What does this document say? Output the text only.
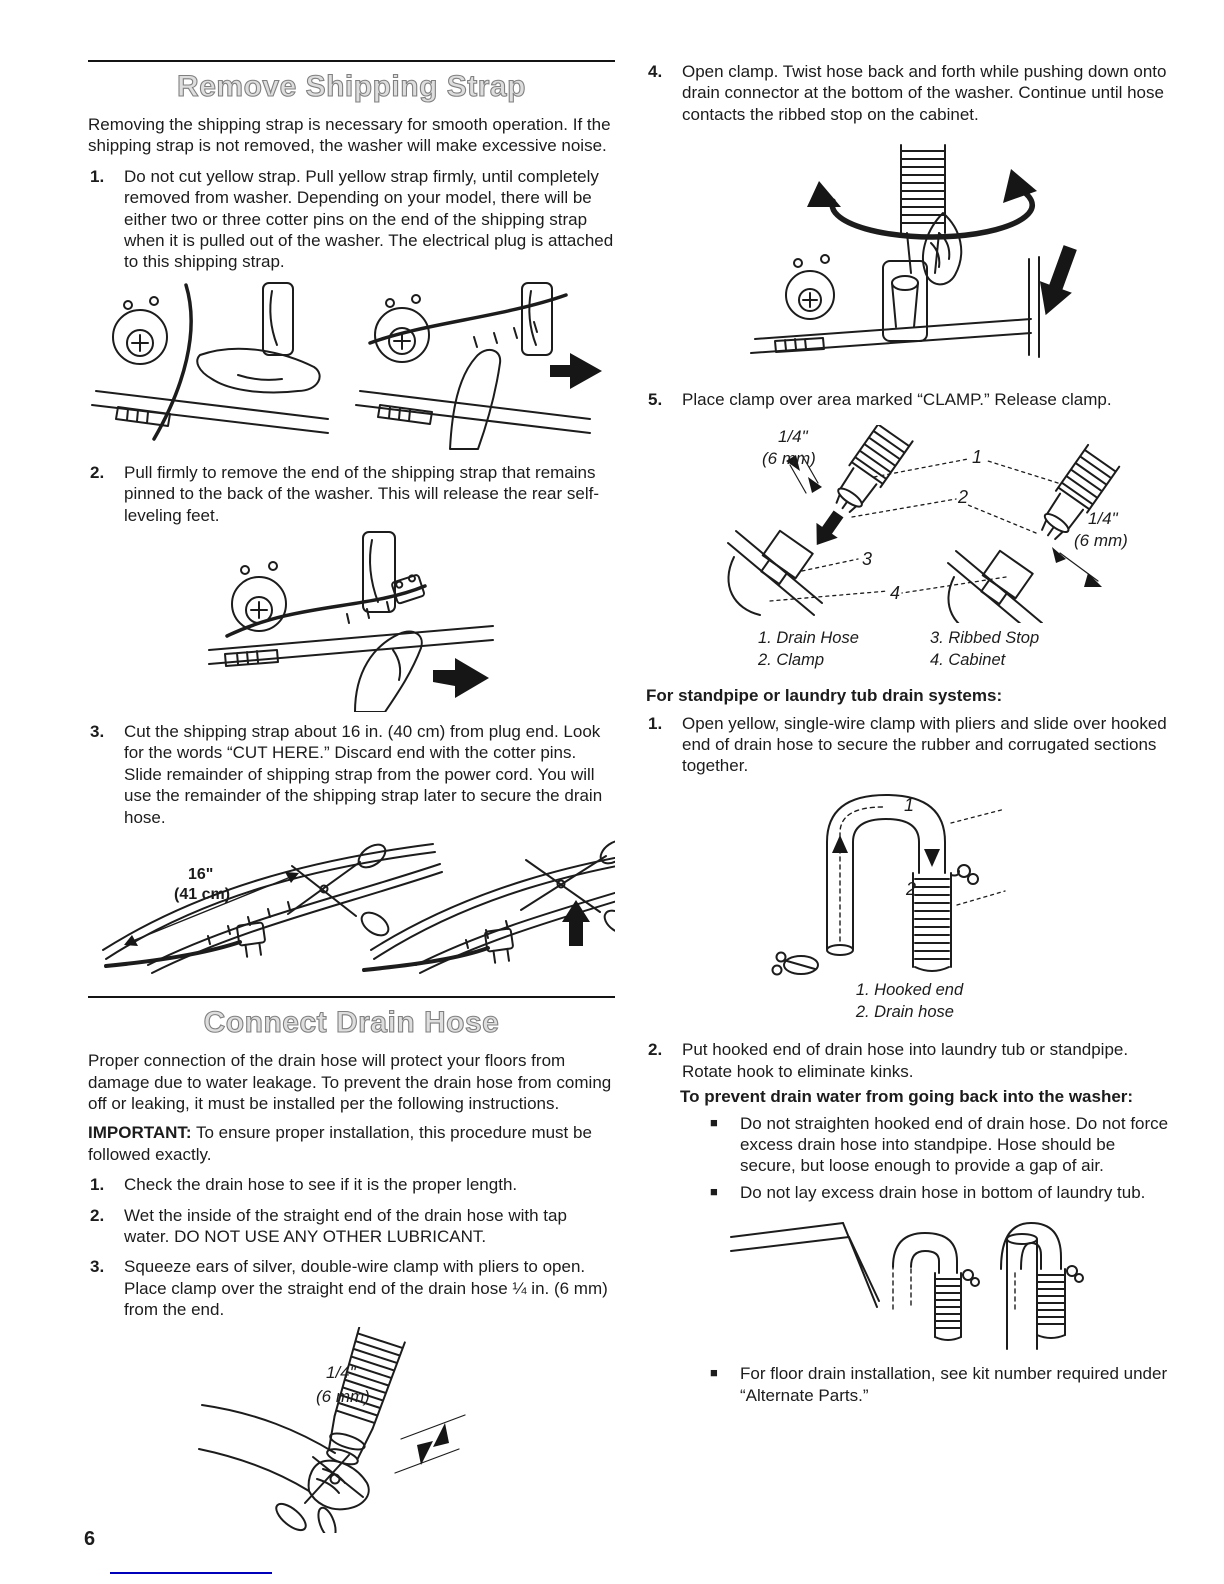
Remove Shipping Strap

Removing the shipping strap is necessary for smooth operation. If the shipping strap is not removed, the washer will make excessive noise.

1.	Do not cut yellow strap. Pull yellow strap firmly, until completely removed from washer. Depending on your model, there will be either two or three cotter pins on the end of the shipping strap when it is pulled out of the washer. The electrical plug is attached to this shipping strap.
2.	Pull firmly to remove the end of the shipping strap that remains pinned to the back of the washer. This will release the rear self-leveling feet.
3.	Cut the shipping strap about 16 in. (40 cm) from plug end. Look for the words “CUT HERE.” Discard end with the cotter pins. Slide remainder of shipping strap from the power cord. You will use the remainder of the shipping strap later to secure the drain hose.
16"
(41 cm)
Connect Drain Hose

Proper connection of the drain hose will protect your floors from damage due to water leakage. To prevent the drain hose from coming off or leaking, it must be installed per the following instructions.

IMPORTANT: To ensure proper installation, this procedure must be followed exactly.

1.	Check the drain hose to see if it is the proper length.
2.	Wet the inside of the straight end of the drain hose with tap water. DO NOT USE ANY OTHER LUBRICANT.
3.	Squeeze ears of silver, double-wire clamp with pliers to open. Place clamp over the straight end of the drain hose ¼ in. (6 mm) from the end.
1/4"
(6 mm)
4.	Open clamp. Twist hose back and forth while pushing down onto drain connector at the bottom of the washer. Continue until hose contacts the ribbed stop on the cabinet.
5.	Place clamp over area marked “CLAMP.” Release clamp.
1/4"
(6 mm)	1
2
3
4
1/4"
(6 mm)
1. Drain Hose
2. Clamp
3. Ribbed Stop
4. Cabinet
For standpipe or laundry tub drain systems:
1.	Open yellow, single-wire clamp with pliers and slide over hooked end of drain hose to secure the rubber and corrugated sections together.
1
2
1. Hooked end
2. Drain hose
2.	Put hooked end of drain hose into laundry tub or standpipe. Rotate hook to eliminate kinks.
To prevent drain water from going back into the washer:
■	Do not straighten hooked end of drain hose. Do not force excess drain hose into standpipe. Hose should be secure, but loose enough to provide a gap of air.
■	Do not lay excess drain hose in bottom of laundry tub.
■	For floor drain installation, see kit number required under “Alternate Parts.”
6
